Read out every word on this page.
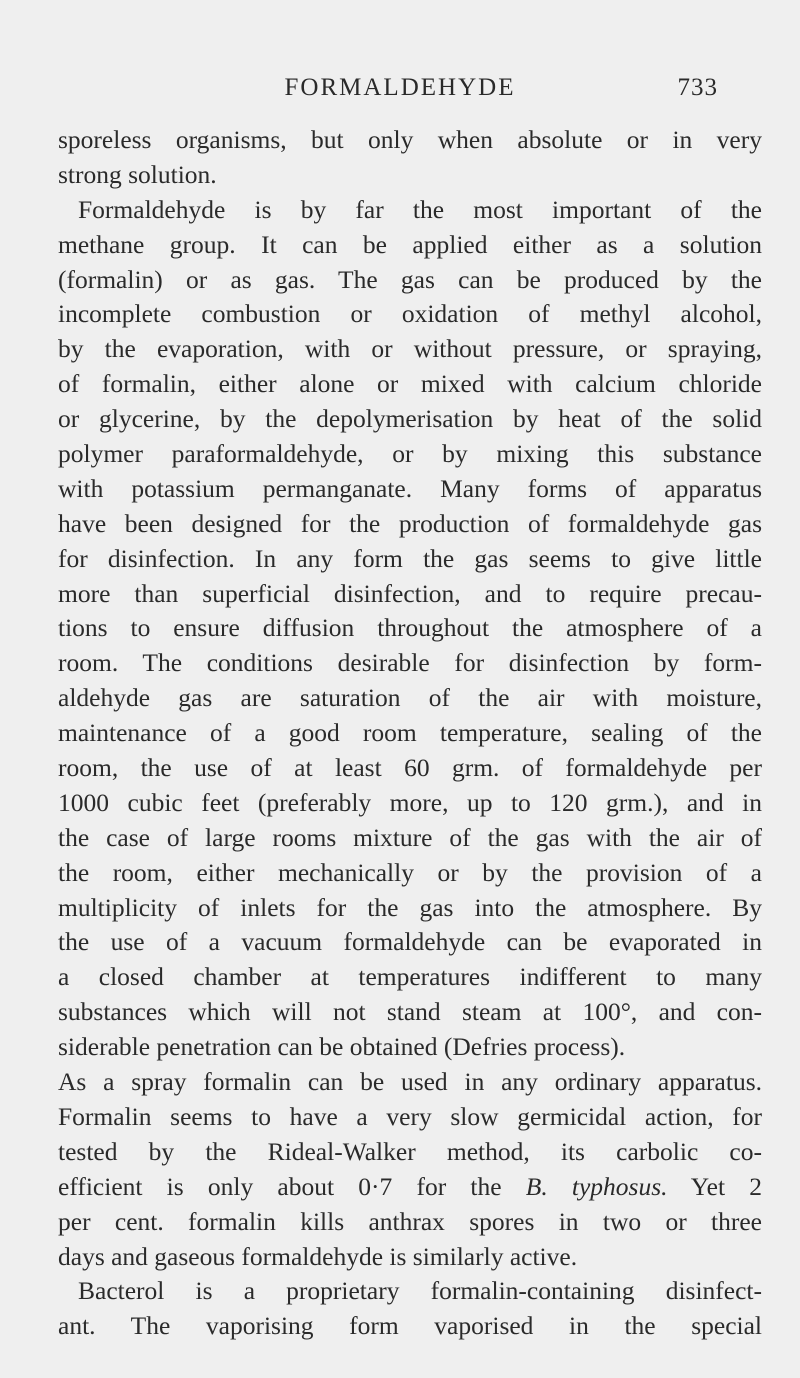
FORMALDEHYDE	733
sporeless organisms, but only when absolute or in very
strong solution.
Formaldehyde is by far the most important of the
methane group. It can be applied either as a solution
(formalin) or as gas. The gas can be produced by the
incomplete combustion or oxidation of methyl alcohol,
by the evaporation, with or without pressure, or spraying,
of formalin, either alone or mixed with calcium chloride
or glycerine, by the depolymerisation by heat of the solid
polymer paraformaldehyde, or by mixing this substance
with potassium permanganate. Many forms of apparatus
have been designed for the production of formaldehyde gas
for disinfection. In any form the gas seems to give little
more than superficial disinfection, and to require precau-
tions to ensure diffusion throughout the atmosphere of a
room. The conditions desirable for disinfection by form-
aldehyde gas are saturation of the air with moisture,
maintenance of a good room temperature, sealing of the
room, the use of at least 60 grm. of formaldehyde per
1000 cubic feet (preferably more, up to 120 grm.), and in
the case of large rooms mixture of the gas with the air of
the room, either mechanically or by the provision of a
multiplicity of inlets for the gas into the atmosphere. By
the use of a vacuum formaldehyde can be evaporated in
a closed chamber at temperatures indifferent to many
substances which will not stand steam at 100°, and con-
siderable penetration can be obtained (Defries process).
As a spray formalin can be used in any ordinary apparatus.
Formalin seems to have a very slow germicidal action, for
tested by the Rideal-Walker method, its carbolic co-
efficient is only about 0·7 for the B. typhosus. Yet 2
per cent. formalin kills anthrax spores in two or three
days and gaseous formaldehyde is similarly active.
Bacterol is a proprietary formalin-containing disinfect-
ant. The vaporising form vaporised in the special
